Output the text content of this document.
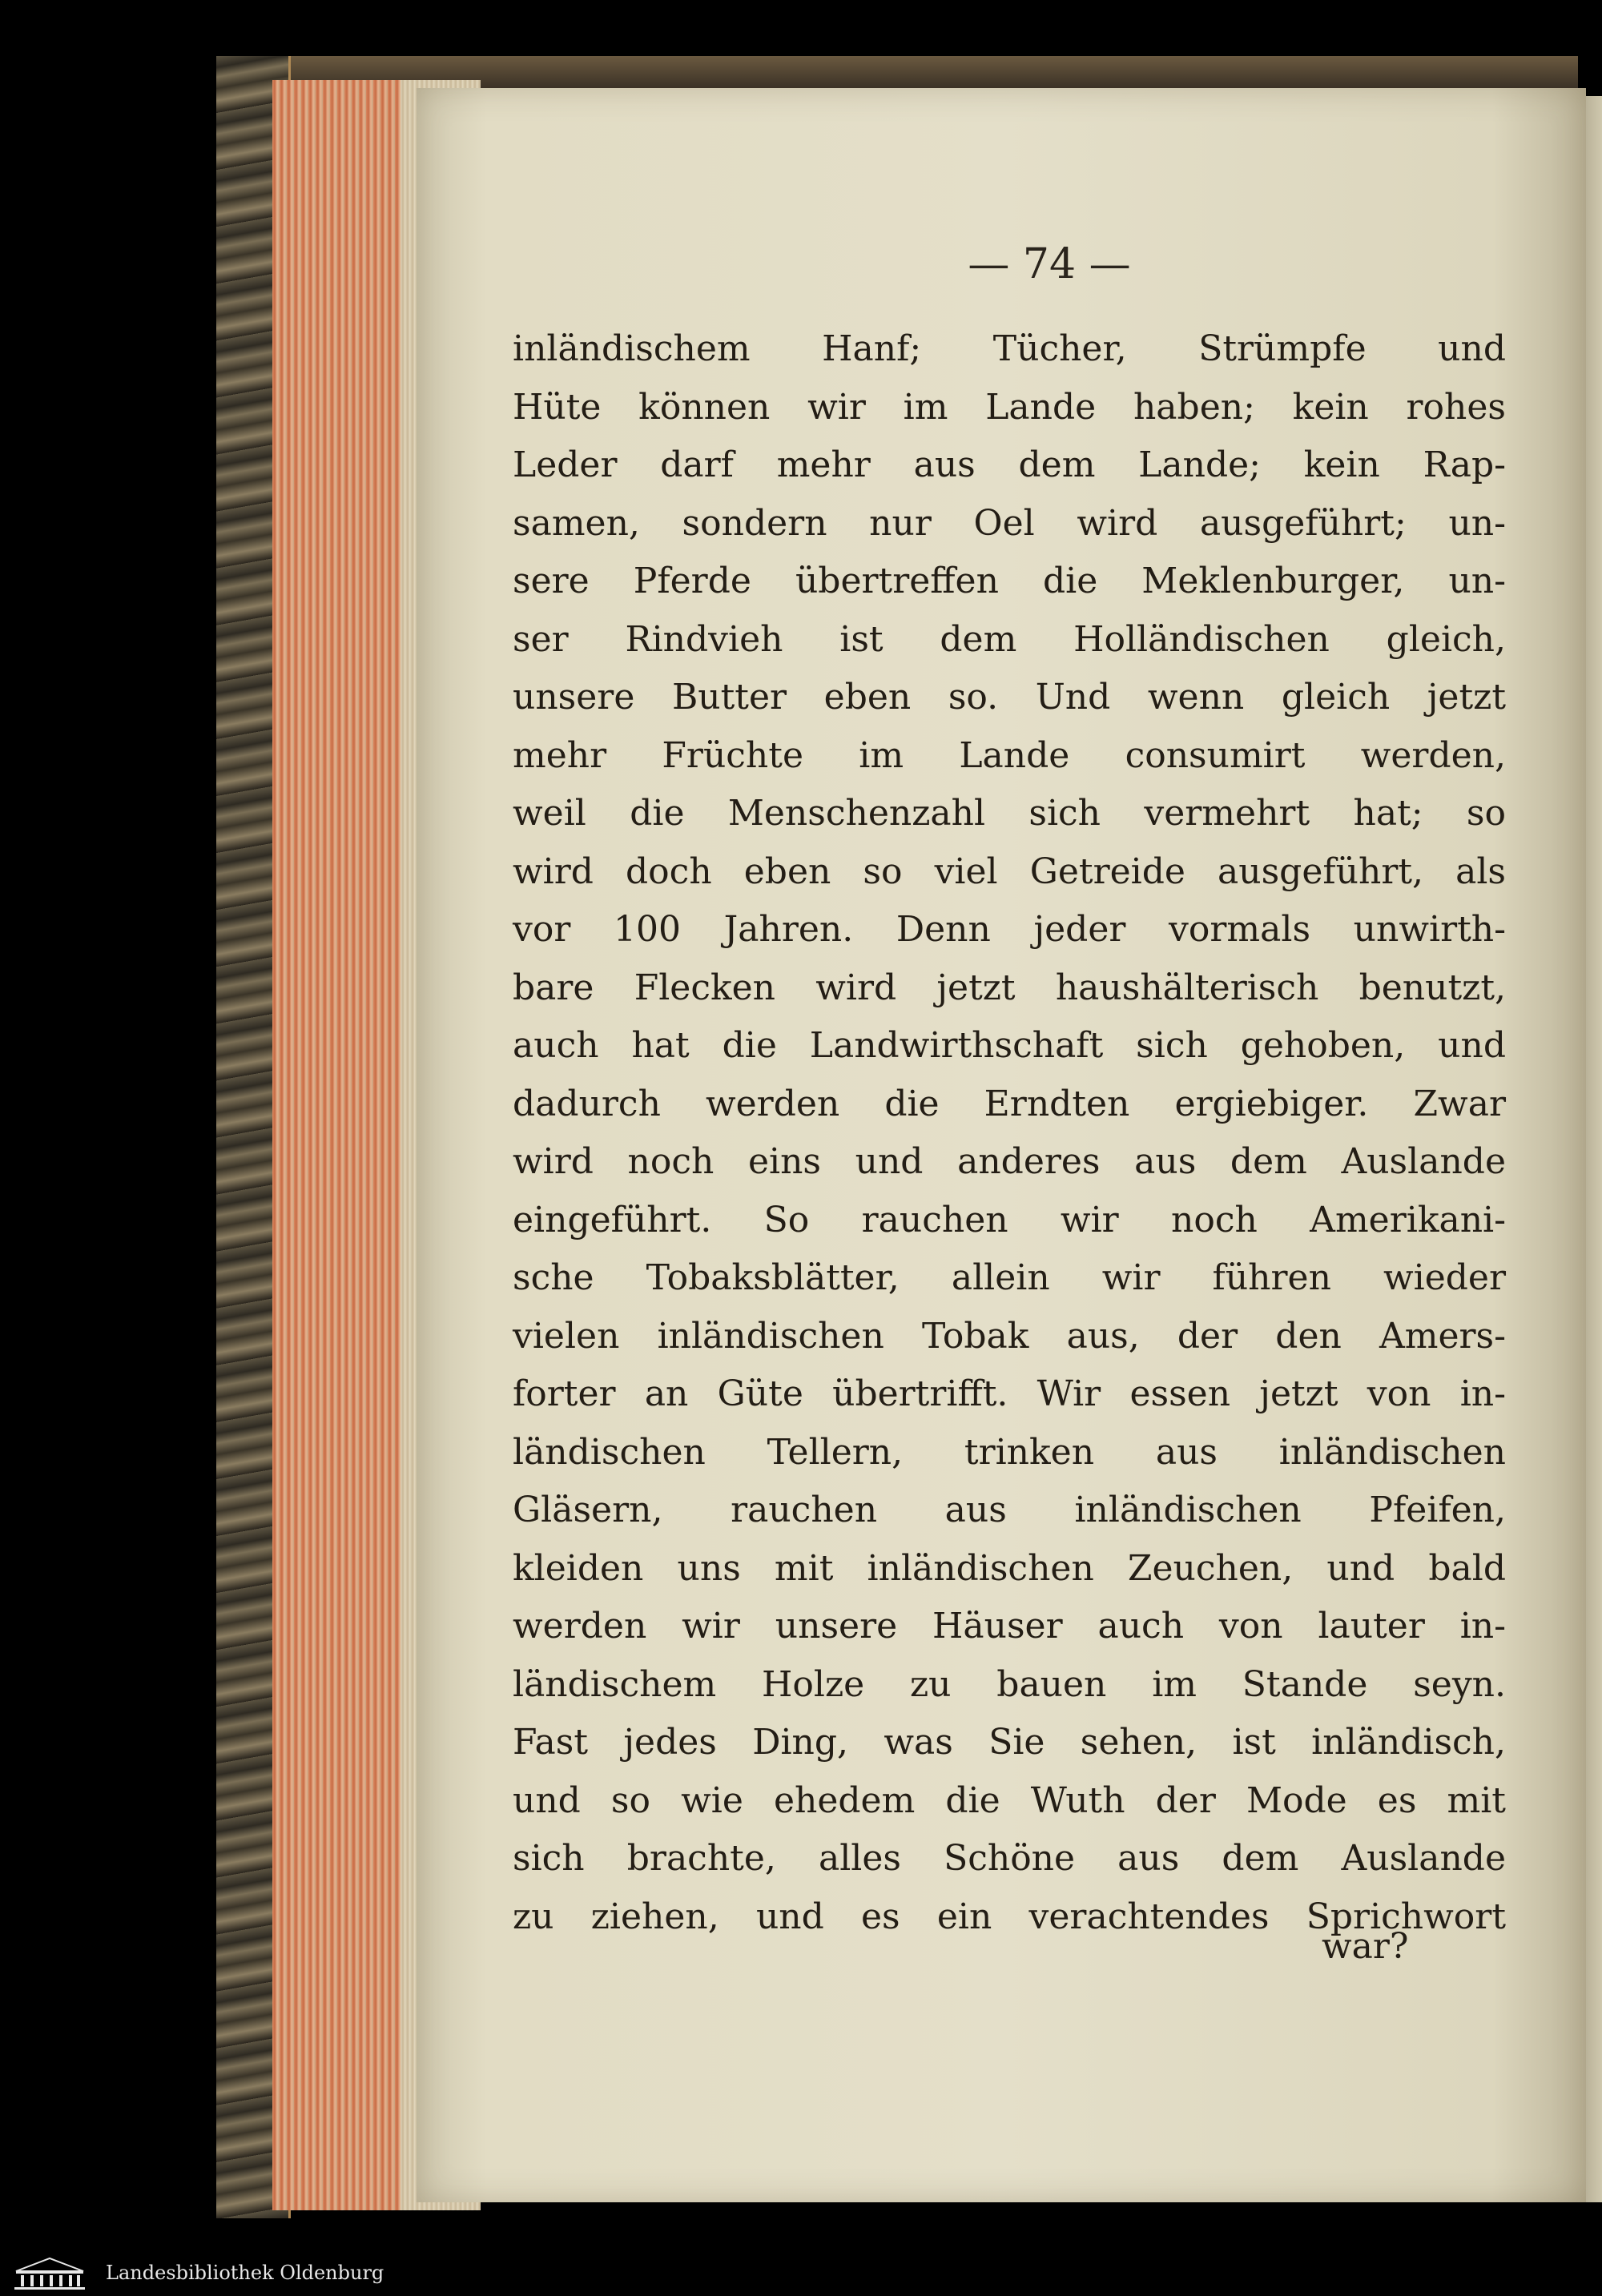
— 74 —
inländischem Hanf; Tücher, Strümpfe und
Hüte können wir im Lande haben; kein rohes
Leder darf mehr aus dem Lande; kein Rap-
samen, sondern nur Oel wird ausgeführt; un-
sere Pferde übertreffen die Meklenburger, un-
ser Rindvieh ist dem Holländischen gleich,
unsere Butter eben so. Und wenn gleich jetzt
mehr Früchte im Lande consumirt werden,
weil die Menschenzahl sich vermehrt hat; so
wird doch eben so viel Getreide ausgeführt, als
vor 100 Jahren. Denn jeder vormals unwirth-
bare Flecken wird jetzt haushälterisch benutzt,
auch hat die Landwirthschaft sich gehoben, und
dadurch werden die Erndten ergiebiger. Zwar
wird noch eins und anderes aus dem Auslande
eingeführt. So rauchen wir noch Amerikani-
sche Tobaksblätter, allein wir führen wieder
vielen inländischen Tobak aus, der den Amers-
forter an Güte übertrifft. Wir essen jetzt von in-
ländischen Tellern, trinken aus inländischen
Gläsern, rauchen aus inländischen Pfeifen,
kleiden uns mit inländischen Zeuchen, und bald
werden wir unsere Häuser auch von lauter in-
ländischem Holze zu bauen im Stande seyn.
Fast jedes Ding, was Sie sehen, ist inländisch,
und so wie ehedem die Wuth der Mode es mit
sich brachte, alles Schöne aus dem Auslande
zu ziehen, und es ein verachtendes Sprichwort
war?
Landesbibliothek Oldenburg
